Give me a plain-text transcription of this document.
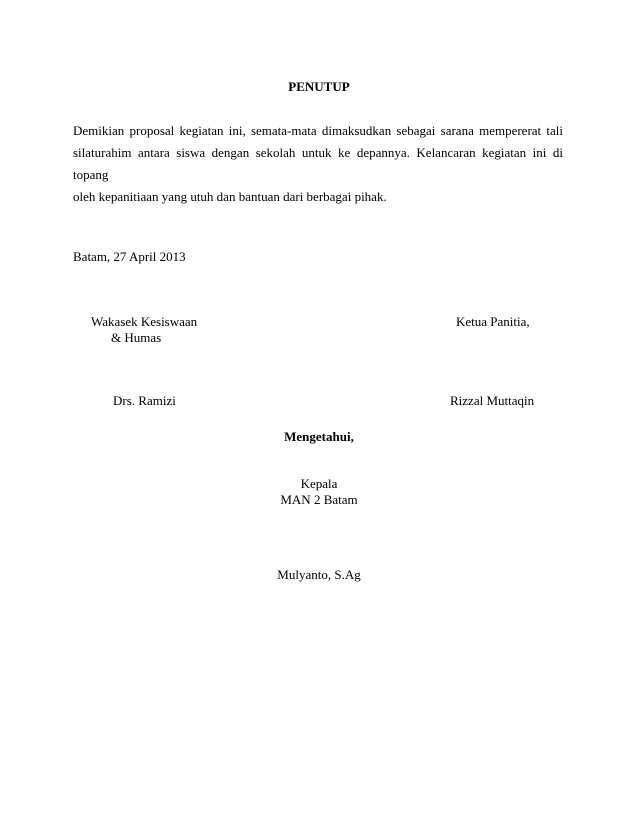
PENUTUP
Demikian proposal kegiatan ini, semata-mata dimaksudkan sebagai sarana mempererat tali
silaturahim antara siswa dengan sekolah untuk ke depannya. Kelancaran kegiatan ini di topang
oleh kepanitiaan yang utuh dan bantuan dari berbagai pihak.
Batam, 27 April 2013
Wakasek Kesiswaan
& Humas
Ketua Panitia,
Drs. Ramizi	Rizzal Muttaqin
Mengetahui,
Kepala
MAN 2 Batam
Mulyanto, S.Ag
